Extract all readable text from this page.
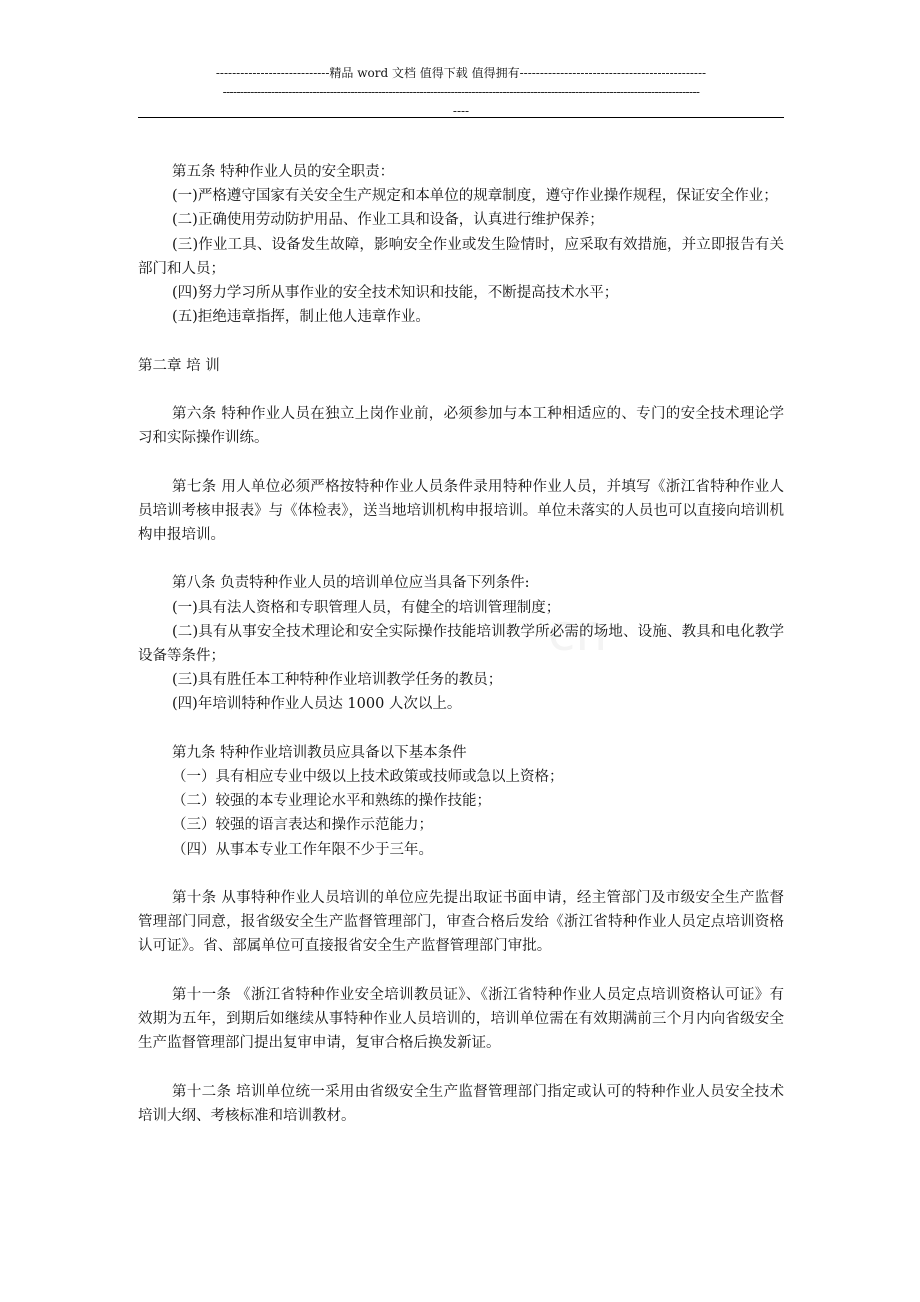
----------------------------精品 word 文档 值得下载 值得拥有----------------------------------------------
------------------------------------------------------------------------------------------------------------------------------------------
----
cn

第五条 特种作业人员的安全职责：

(一)严格遵守国家有关安全生产规定和本单位的规章制度，遵守作业操作规程，保证安全作业；

(二)正确使用劳动防护用品、作业工具和设备，认真进行维护保养；

(三)作业工具、设备发生故障，影响安全作业或发生险情时，应采取有效措施，并立即报告有关部门和人员；

(四)努力学习所从事作业的安全技术知识和技能，不断提高技术水平；

(五)拒绝违章指挥，制止他人违章作业。

第二章 培 训

第六条 特种作业人员在独立上岗作业前，必须参加与本工种相适应的、专门的安全技术理论学习和实际操作训练。

第七条 用人单位必须严格按特种作业人员条件录用特种作业人员，并填写《浙江省特种作业人员培训考核申报表》与《体检表》，送当地培训机构申报培训。单位未落实的人员也可以直接向培训机构申报培训。

第八条 负责特种作业人员的培训单位应当具备下列条件:

(一)具有法人资格和专职管理人员，有健全的培训管理制度；

(二)具有从事安全技术理论和安全实际操作技能培训教学所必需的场地、设施、教具和电化教学设备等条件；

(三)具有胜任本工种特种作业培训教学任务的教员；

(四)年培训特种作业人员达 1000 人次以上。

第九条 特种作业培训教员应具备以下基本条件

（一）具有相应专业中级以上技术政策或技师或急以上资格；

（二）较强的本专业理论水平和熟练的操作技能；

（三）较强的语言表达和操作示范能力；

（四）从事本专业工作年限不少于三年。

第十条 从事特种作业人员培训的单位应先提出取证书面申请，经主管部门及市级安全生产监督管理部门同意，报省级安全生产监督管理部门，审查合格后发给《浙江省特种作业人员定点培训资格认可证》。省、部属单位可直接报省安全生产监督管理部门审批。

第十一条 《浙江省特种作业安全培训教员证》、《浙江省特种作业人员定点培训资格认可证》有效期为五年，到期后如继续从事特种作业人员培训的，培训单位需在有效期满前三个月内向省级安全生产监督管理部门提出复审申请，复审合格后换发新证。

第十二条 培训单位统一采用由省级安全生产监督管理部门指定或认可的特种作业人员安全技术培训大纲、考核标准和培训教材。
